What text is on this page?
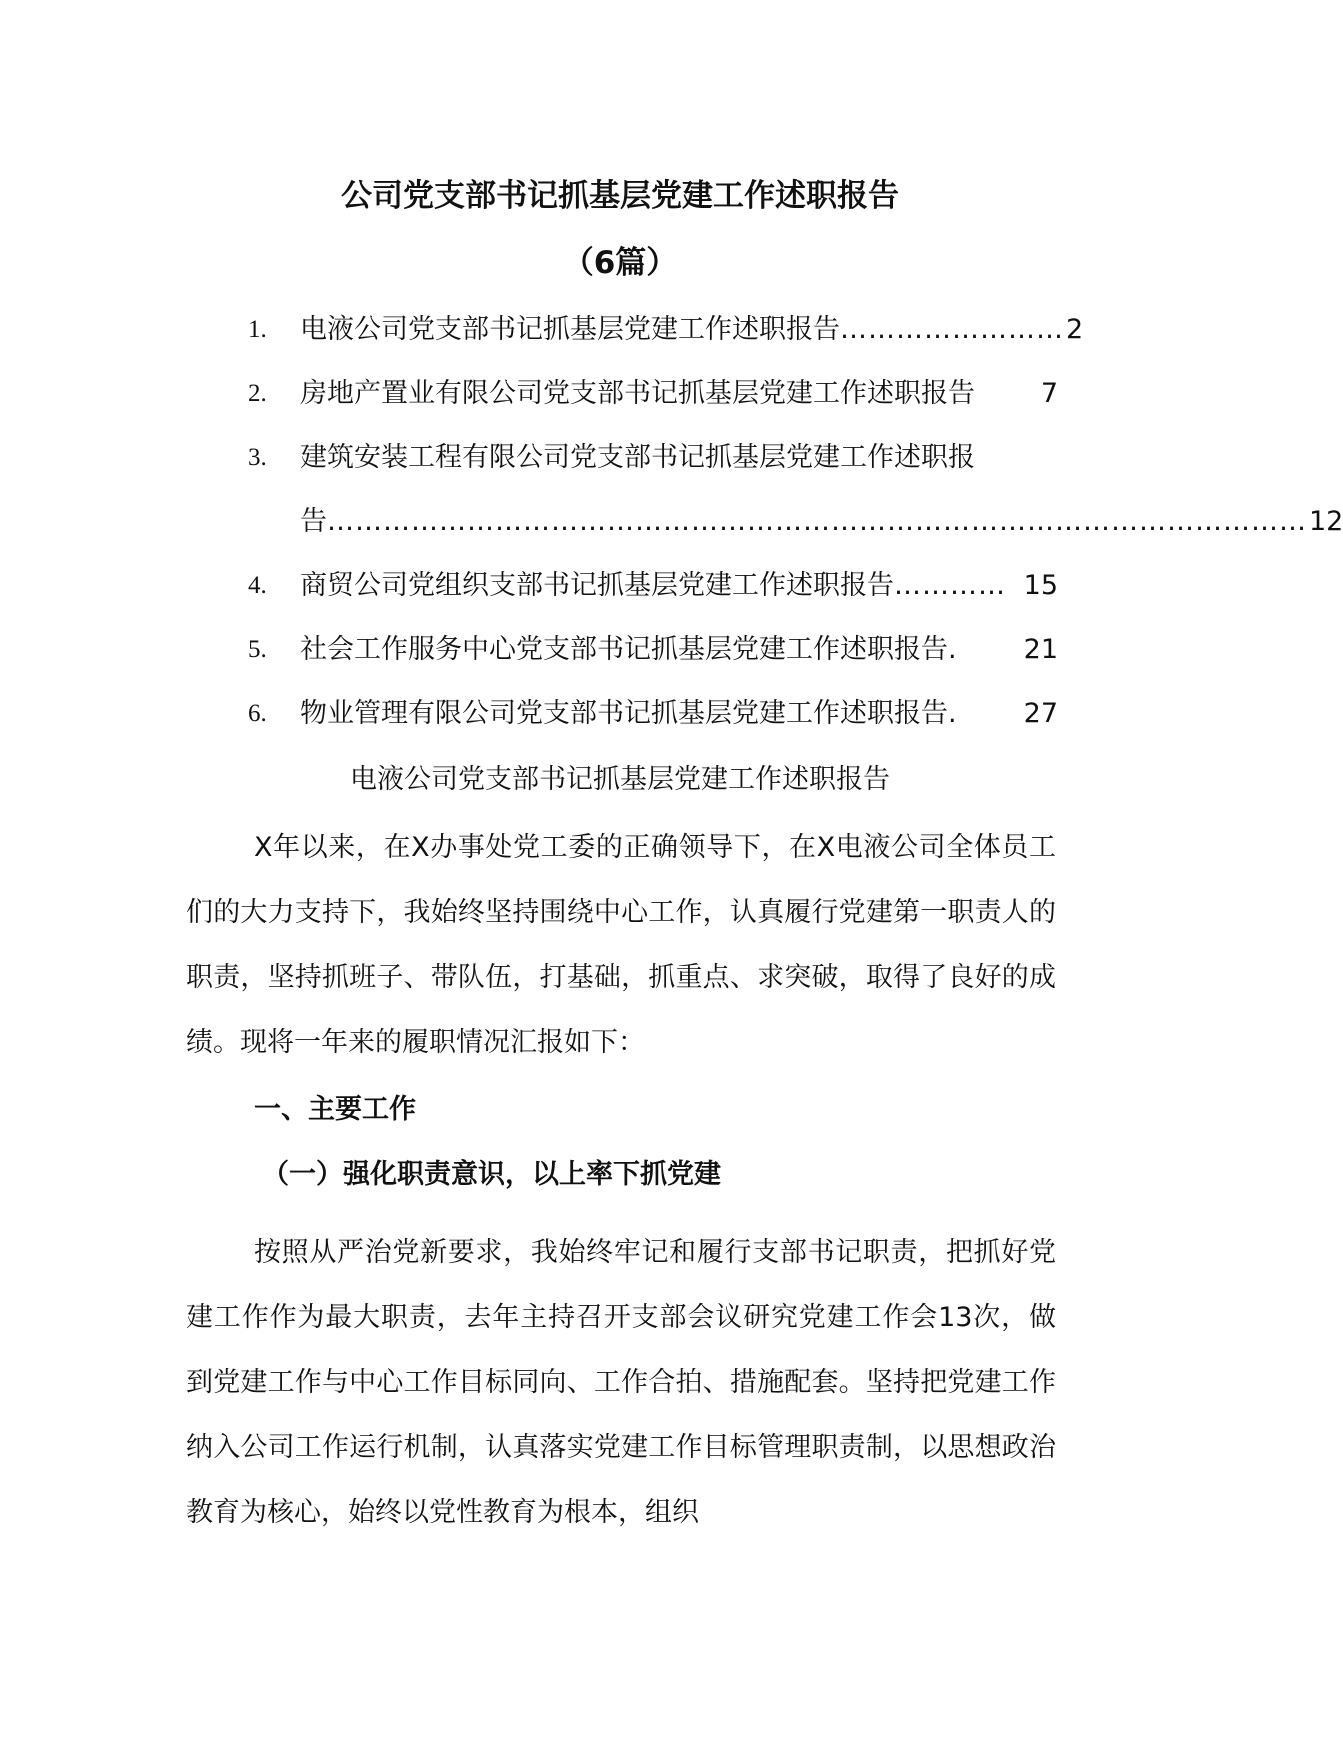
公司党支部书记抓基层党建工作述职报告
（6篇）
1.	电液公司党支部书记抓基层党建工作述职报告 …………………… 2
2.	房地产置业有限公司党支部书记抓基层党建工作述职报告 7
3.	建筑安装工程有限公司党支部书记抓基层党建工作述职报
告 …………………………………………………………………………………………… 12
4.	商贸公司党组织支部书记抓基层党建工作述职报告 ………… 15
5.	社会工作服务中心党支部书记抓基层党建工作述职报告 .	21
6.	物业管理有限公司党支部书记抓基层党建工作述职报告 .	27
电液公司党支部书记抓基层党建工作述职报告

X年以来，在X办事处党工委的正确领导下，在X电液公司全体员工们的大力支持下，我始终坚持围绕中心工作，认真履行党建第一职责人的职责，坚持抓班子、带队伍，打基础，抓重点、求突破，取得了良好的成绩。现将一年来的履职情况汇报如下：

一、主要工作
（一）强化职责意识，以上率下抓党建

按照从严治党新要求，我始终牢记和履行支部书记职责，把抓好党建工作作为最大职责，去年主持召开支部会议研究党建工作会13次，做到党建工作与中心工作目标同向、工作合拍、措施配套。坚持把党建工作纳入公司工作运行机制，认真落实党建工作目标管理职责制，以思想政治教育为核心，始终以党性教育为根本，组织
